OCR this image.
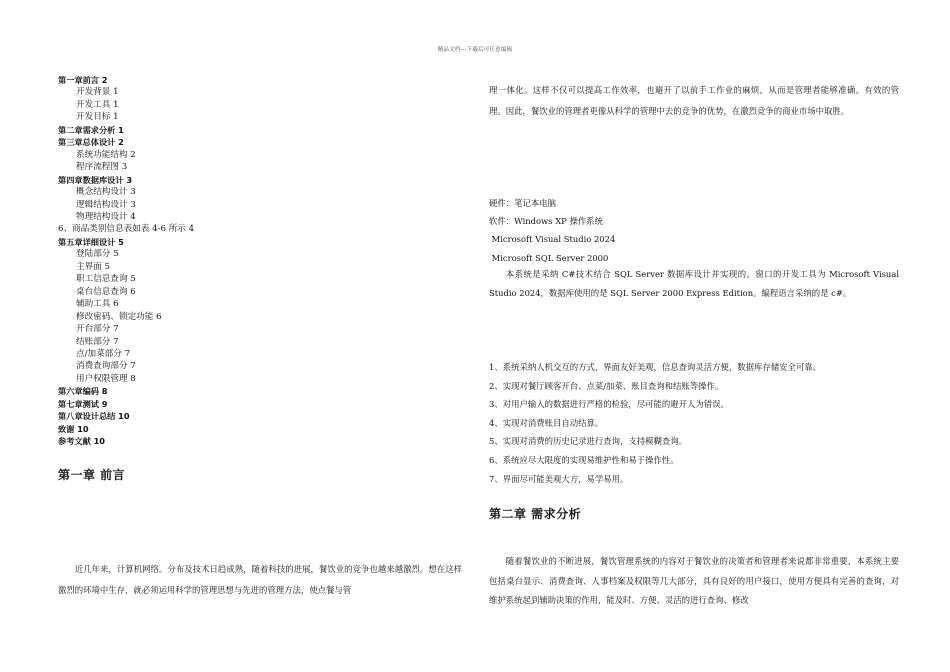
精品文档---下载后可任意编辑
第一章前言 2
开发背景 1
开发工具 1
开发目标 1
第二章需求分析 1
第三章总体设计 2
系统功能结构 2
程序流程图 3
第四章数据库设计 3
概念结构设计 3
逻辑结构设计 3
物理结构设计 4
6、商品类别信息表如表 4-6 所示 4
第五章详细设计 5
登陆部分 5
主界面 5
职工信息查询 5
桌台信息查询 6
辅助工具 6
修改密码、锁定功能 6
开台部分 7
结账部分 7
点/加菜部分 7
消费查询部分 7
用户权限管理 8
第六章编码 8
第七章测试 9
第八章设计总结 10
致谢 10
参考文献 10
第一章 前言
近几年来，计算机网络。分布及技术日趋成熟，随着科技的进展，餐饮业的竞争也越来越激烈。想在这样激烈的环境中生存，就必须运用科学的管理思想与先进的管理方法，使点餐与管
理一体化。这样不仅可以提高工作效率，也避开了以前手工作业的麻烦，从而是管理者能够准确。有效的管理。因此，餐饮业的管理者更像从科学的管理中去的竞争的优势，在激烈竞争的商业市场中取胜。
硬件：笔记本电脑
软件：Windows XP 操作系统
Microsoft Visual Studio 2024
Microsoft SQL Server 2000
本系统是采纳 C#技术结合 SQL Server 数据库设计并实现的。窗口的开发工具为 Microsoft Visual Studio 2024，数据库使用的是 SQL Server 2000 Express Edition。编程语言采纳的是 c#。
1、系统采纳人机交互的方式，界面友好美观，信息查询灵活方便，数据库存储安全可靠。
2、实现对餐厅顾客开台、点菜/加菜、账目查询和结账等操作。
3、对用户输入的数据进行严格的检验，尽可能的避开人为错误。
4、实现对消费账目自动结算。
5、实现对消费的历史记录进行查询，支持模糊查询。
6、系统应尽大限度的实现易维护性和易于操作性。
7、界面尽可能美观大方，易学易用。
第二章 需求分析
随着餐饮业的不断进展，餐饮管理系统的内容对于餐饮业的决策者和管理者来说都非常重要，本系统主要包括桌台显示、消费查询、人事档案及权限等几大部分，具有良好的用户接口，使用方便具有完善的查询，对维护系统起到辅助决策的作用，能及时、方便、灵活的进行查询、修改
